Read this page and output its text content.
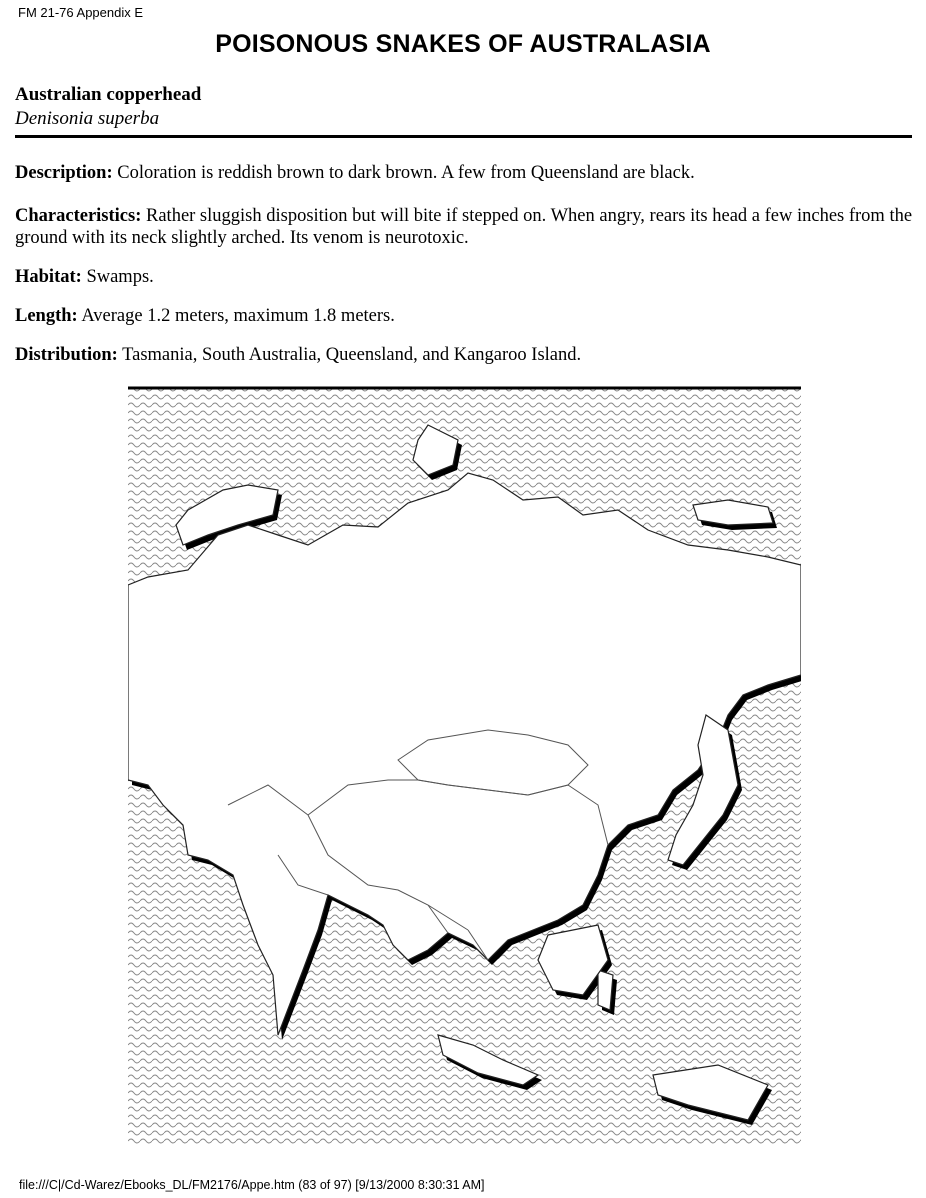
FM 21-76 Appendix E
POISONOUS SNAKES OF AUSTRALASIA
Australian copperhead
Denisonia superba
Description: Coloration is reddish brown to dark brown. A few from Queensland are black.
Characteristics: Rather sluggish disposition but will bite if stepped on. When angry, rears its head a few inches from the ground with its neck slightly arched. Its venom is neurotoxic.
Habitat: Swamps.
Length: Average 1.2 meters, maximum 1.8 meters.
Distribution: Tasmania, South Australia, Queensland, and Kangaroo Island.
file:///C|/Cd-Warez/Ebooks_DL/FM2176/Appe.htm (83 of 97) [9/13/2000 8:30:31 AM]
